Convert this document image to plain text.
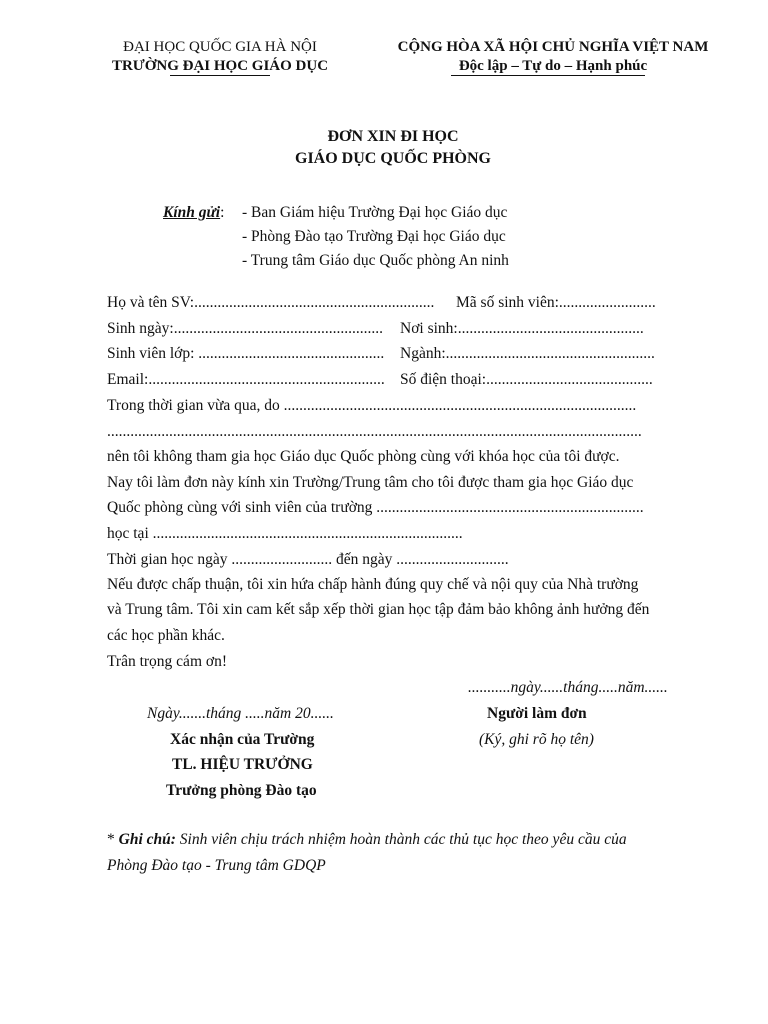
ĐẠI HỌC QUỐC GIA HÀ NỘI
TRƯỜNG ĐẠI HỌC GIÁO DỤC
CỘNG HÒA XÃ HỘI CHỦ NGHĨA VIỆT NAM
Độc lập – Tự do – Hạnh phúc
ĐƠN XIN ĐI HỌC
GIÁO DỤC QUỐC PHÒNG
Kính gửi: - Ban Giám hiệu Trường Đại học Giáo dục
- Phòng Đào tạo Trường Đại học Giáo dục
- Trung tâm Giáo dục Quốc phòng An ninh
Họ và tên SV:.............................................................. Mã số sinh viên:.........................
Sinh ngày:...................................................... Nơi sinh:................................................
Sinh viên lớp: ................................................ Ngành:......................................................
Email:............................................................. Số điện thoại:...........................................
Trong thời gian vừa qua, do ...........................................................................................
..........................................................................................................................................
nên tôi không tham gia học Giáo dục Quốc phòng cùng với khóa học của tôi được.
Nay tôi làm đơn này kính xin Trường/Trung tâm cho tôi được tham gia học Giáo dục
Quốc phòng cùng với sinh viên của trường .....................................................................
học tại ................................................................................
Thời gian học ngày .......................... đến ngày .............................
Nếu được chấp thuận, tôi xin hứa chấp hành đúng quy chế và nội quy của Nhà trường
và Trung tâm. Tôi xin cam kết sắp xếp thời gian học tập đảm bảo không ảnh hưởng đến
các học phần khác.
Trân trọng cám ơn!
...........ngày......tháng.....năm......
Ngày.......tháng .....năm 20......	Người làm đơn
Xác nhận của Trường	(Ký, ghi rõ họ tên)
TL. HIỆU TRƯỞNG
Trưởng phòng Đào tạo
* Ghi chú: Sinh viên chịu trách nhiệm hoàn thành các thủ tục học theo yêu cầu của
Phòng Đào tạo - Trung tâm GDQP
